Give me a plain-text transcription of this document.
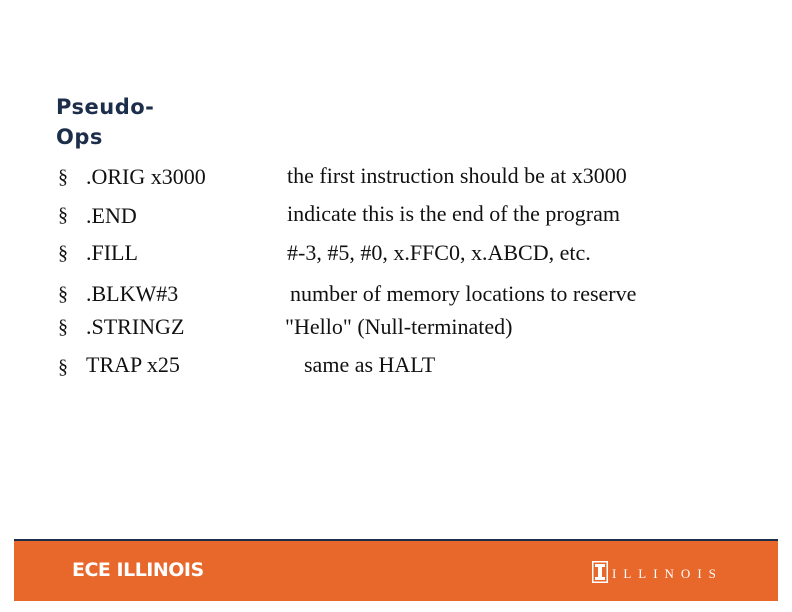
Pseudo-
Ops
§ .ORIG x3000	the first instruction should be at x3000
§ .END	indicate this is the end of the program
§ .FILL	#-3, #5, #0, x.FFC0, x.ABCD, etc.
§ .BLKW#3	number of memory locations to reserve
§ .STRINGZ	"Hello" (Null-terminated)
§ TRAP x25	same as HALT
ECE ILLINOIS	ILLINOIS
